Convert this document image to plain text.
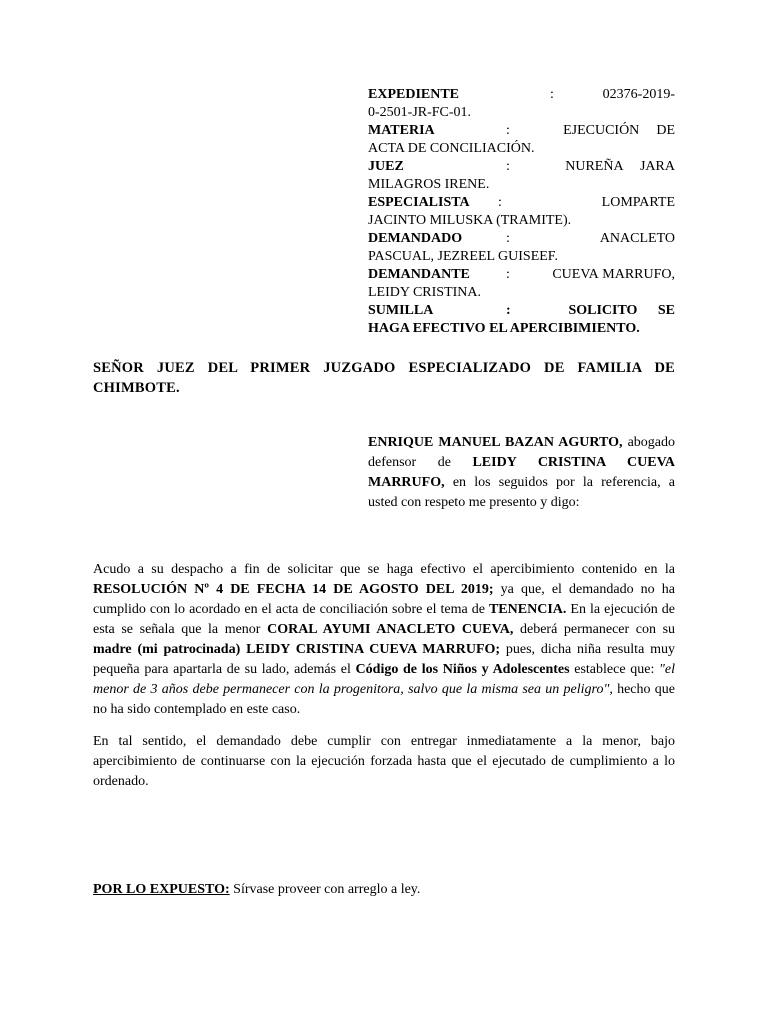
EXPEDIENTE	:	02376-2019-0-2501-JR-FC-01.

MATERIA	:	EJECUCIÓN DE ACTA DE CONCILIACIÓN.

JUEZ	:	NUREÑA JARA MILAGROS IRENE.

ESPECIALISTA :	LOMPARTE JACINTO MILUSKA (TRAMITE).

DEMANDADO	:	ANACLETO PASCUAL, JEZREEL GUISEEF.

DEMANDANTE	:	CUEVA MARRUFO, LEIDY CRISTINA.

SUMILLA	:	SOLICITO SE HAGA EFECTIVO EL APERCIBIMIENTO.

SEÑOR JUEZ DEL PRIMER JUZGADO ESPECIALIZADO DE FAMILIA DE CHIMBOTE.
ENRIQUE MANUEL BAZAN AGURTO, abogado defensor de LEIDY CRISTINA CUEVA MARRUFO, en los seguidos por la referencia, a usted con respeto me presento y digo:
Acudo a su despacho a fin de solicitar que se haga efectivo el apercibimiento contenido en la RESOLUCIÓN Nº 4 DE FECHA 14 DE AGOSTO DEL 2019; ya que, el demandado no ha cumplido con lo acordado en el acta de conciliación sobre el tema de TENENCIA. En la ejecución de esta se señala que la menor CORAL AYUMI ANACLETO CUEVA, deberá permanecer con su madre (mi patrocinada) LEIDY CRISTINA CUEVA MARRUFO; pues, dicha niña resulta muy pequeña para apartarla de su lado, además el Código de los Niños y Adolescentes establece que: "el menor de 3 años debe permanecer con la progenitora, salvo que la misma sea un peligro", hecho que no ha sido contemplado en este caso.
En tal sentido, el demandado debe cumplir con entregar inmediatamente a la menor, bajo apercibimiento de continuarse con la ejecución forzada hasta que el ejecutado de cumplimiento a lo ordenado.
POR LO EXPUESTO: Sírvase proveer con arreglo a ley.
